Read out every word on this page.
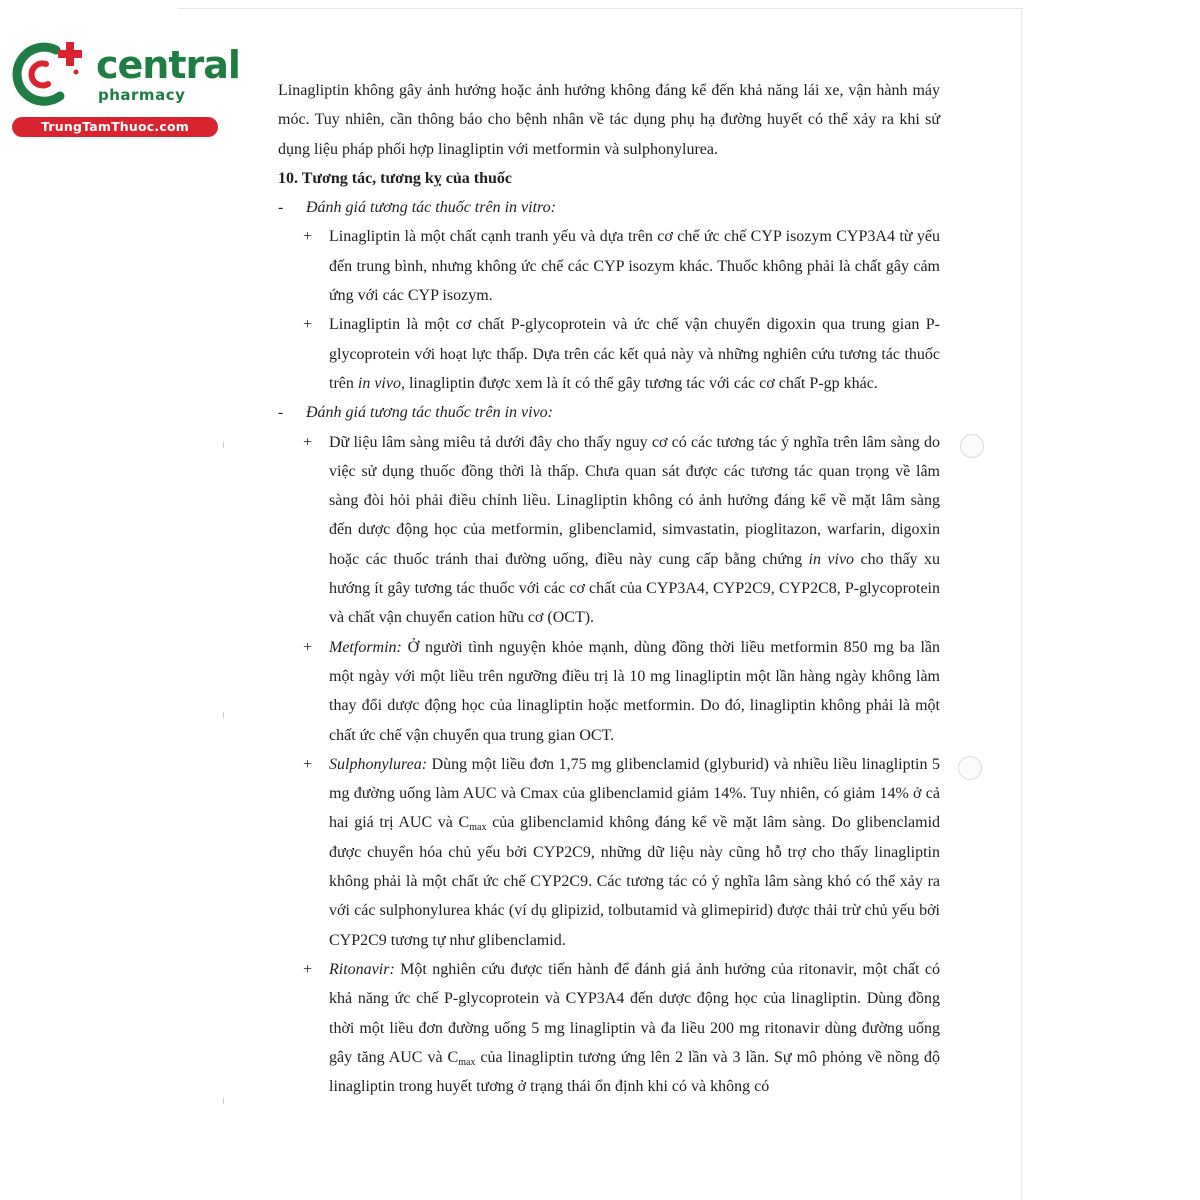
central
pharmacy
TrungTamThuoc.com

Linagliptin không gây ảnh hưởng hoặc ảnh hưởng không đáng kể đến khả năng lái xe, vận hành máy móc. Tuy nhiên, cần thông báo cho bệnh nhân về tác dụng phụ hạ đường huyết có thể xảy ra khi sử dụng liệu pháp phối hợp linagliptin với metformin và sulphonylurea.

10. Tương tác, tương kỵ của thuốc

- Đánh giá tương tác thuốc trên in vitro:
+ Linagliptin là một chất cạnh tranh yếu và dựa trên cơ chế ức chế CYP isozym CYP3A4 từ yếu đến trung bình, nhưng không ức chế các CYP isozym khác. Thuốc không phải là chất gây cảm ứng với các CYP isozym.
+ Linagliptin là một cơ chất P-glycoprotein và ức chế vận chuyển digoxin qua trung gian P-glycoprotein với hoạt lực thấp. Dựa trên các kết quả này và những nghiên cứu tương tác thuốc trên in vivo, linagliptin được xem là ít có thể gây tương tác với các cơ chất P-gp khác.
- Đánh giá tương tác thuốc trên in vivo:
+ Dữ liệu lâm sàng miêu tả dưới đây cho thấy nguy cơ có các tương tác ý nghĩa trên lâm sàng do việc sử dụng thuốc đồng thời là thấp. Chưa quan sát được các tương tác quan trọng về lâm sàng đòi hỏi phải điều chỉnh liều. Linagliptin không có ảnh hưởng đáng kể về mặt lâm sàng đến dược động học của metformin, glibenclamid, simvastatin, pioglitazon, warfarin, digoxin hoặc các thuốc tránh thai đường uống, điều này cung cấp bằng chứng in vivo cho thấy xu hướng ít gây tương tác thuốc với các cơ chất của CYP3A4, CYP2C9, CYP2C8, P-glycoprotein và chất vận chuyển cation hữu cơ (OCT).
+ Metformin: Ở người tình nguyện khỏe mạnh, dùng đồng thời liều metformin 850 mg ba lần một ngày với một liều trên ngưỡng điều trị là 10 mg linagliptin một lần hàng ngày không làm thay đổi dược động học của linagliptin hoặc metformin. Do đó, linagliptin không phải là một chất ức chế vận chuyển qua trung gian OCT.
+ Sulphonylurea: Dùng một liều đơn 1,75 mg glibenclamid (glyburid) và nhiều liều linagliptin 5 mg đường uống làm AUC và Cmax của glibenclamid giảm 14%. Tuy nhiên, có giảm 14% ở cả hai giá trị AUC và $C_{max}$ của glibenclamid không đáng kể về mặt lâm sàng. Do glibenclamid được chuyển hóa chủ yếu bởi CYP2C9, những dữ liệu này cũng hỗ trợ cho thấy linagliptin không phải là một chất ức chế CYP2C9. Các tương tác có ý nghĩa lâm sàng khó có thể xảy ra với các sulphonylurea khác (ví dụ glipizid, tolbutamid và glimepirid) được thải trừ chủ yếu bởi CYP2C9 tương tự như glibenclamid.
+ Ritonavir: Một nghiên cứu được tiến hành để đánh giá ảnh hưởng của ritonavir, một chất có khả năng ức chế P-glycoprotein và CYP3A4 đến dược động học của linagliptin. Dùng đồng thời một liều đơn đường uống 5 mg linagliptin và đa liều 200 mg ritonavir dùng đường uống gây tăng AUC và $C_{max}$ của linagliptin tương ứng lên 2 lần và 3 lần. Sự mô phỏng về nồng độ linagliptin trong huyết tương ở trạng thái ổn định khi có và không có
